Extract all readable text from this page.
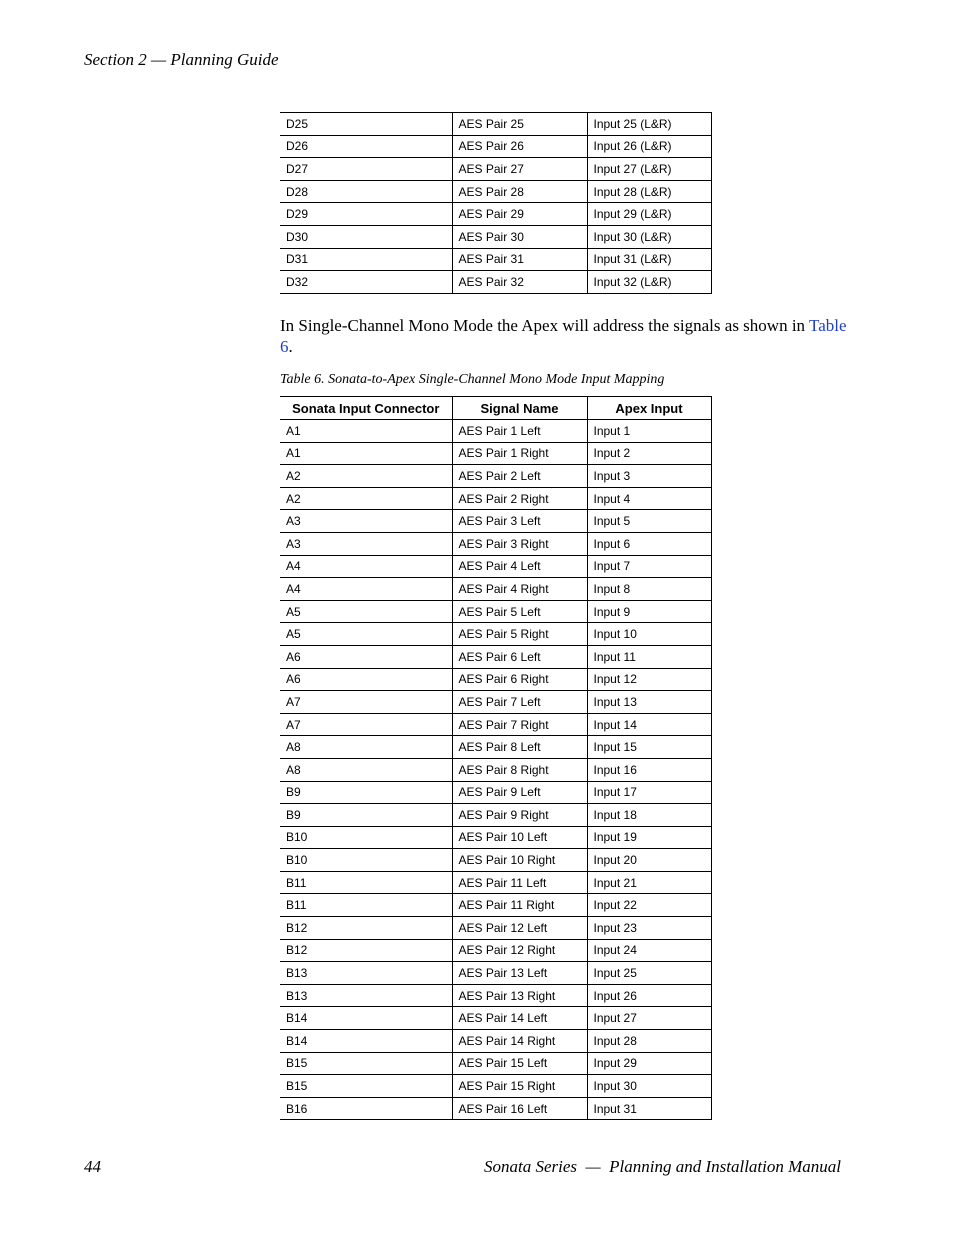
Section 2 — Planning Guide
D25	AES Pair 25	Input 25 (L&R)
D26	AES Pair 26	Input 26 (L&R)
D27	AES Pair 27	Input 27 (L&R)
D28	AES Pair 28	Input 28 (L&R)
D29	AES Pair 29	Input 29 (L&R)
D30	AES Pair 30	Input 30 (L&R)
D31	AES Pair 31	Input 31 (L&R)
D32	AES Pair 32	Input 32 (L&R)
In Single-Channel Mono Mode the Apex will address the signals as shown in Table 6.
Table 6. Sonata-to-Apex Single-Channel Mono Mode Input Mapping
Sonata Input Connector	Signal Name	Apex Input
A1	AES Pair 1 Left	Input 1
A1	AES Pair 1 Right	Input 2
A2	AES Pair 2 Left	Input 3
A2	AES Pair 2 Right	Input 4
A3	AES Pair 3 Left	Input 5
A3	AES Pair 3 Right	Input 6
A4	AES Pair 4 Left	Input 7
A4	AES Pair 4 Right	Input 8
A5	AES Pair 5 Left	Input 9
A5	AES Pair 5 Right	Input 10
A6	AES Pair 6 Left	Input 11
A6	AES Pair 6 Right	Input 12
A7	AES Pair 7 Left	Input 13
A7	AES Pair 7 Right	Input 14
A8	AES Pair 8 Left	Input 15
A8	AES Pair 8 Right	Input 16
B9	AES Pair 9 Left	Input 17
B9	AES Pair 9 Right	Input 18
B10	AES Pair 10 Left	Input 19
B10	AES Pair 10 Right	Input 20
B11	AES Pair 11 Left	Input 21
B11	AES Pair 11 Right	Input 22
B12	AES Pair 12 Left	Input 23
B12	AES Pair 12 Right	Input 24
B13	AES Pair 13 Left	Input 25
B13	AES Pair 13 Right	Input 26
B14	AES Pair 14 Left	Input 27
B14	AES Pair 14 Right	Input 28
B15	AES Pair 15 Left	Input 29
B15	AES Pair 15 Right	Input 30
B16	AES Pair 16 Left	Input 31
44	Sonata Series  —  Planning and Installation Manual
